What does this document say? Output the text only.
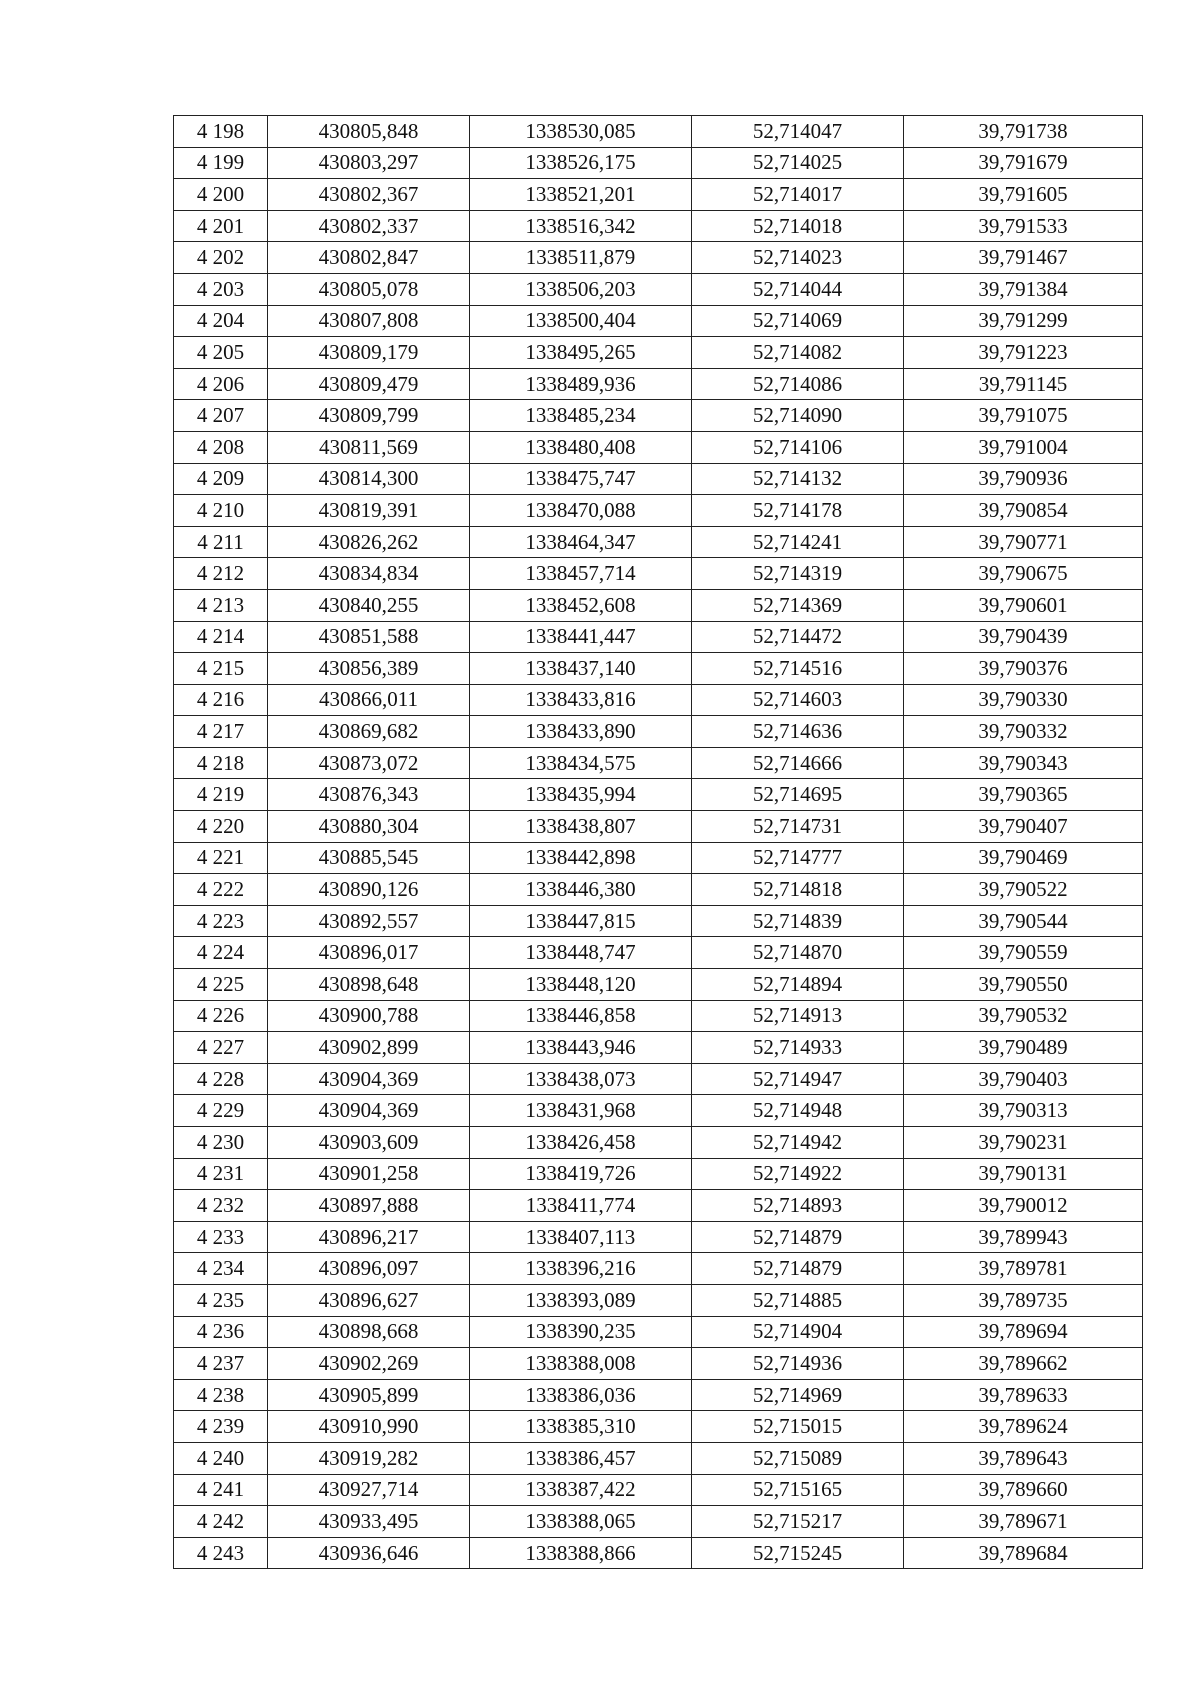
4 198	430805,848	1338530,085	52,714047	39,791738
4 199	430803,297	1338526,175	52,714025	39,791679
4 200	430802,367	1338521,201	52,714017	39,791605
4 201	430802,337	1338516,342	52,714018	39,791533
4 202	430802,847	1338511,879	52,714023	39,791467
4 203	430805,078	1338506,203	52,714044	39,791384
4 204	430807,808	1338500,404	52,714069	39,791299
4 205	430809,179	1338495,265	52,714082	39,791223
4 206	430809,479	1338489,936	52,714086	39,791145
4 207	430809,799	1338485,234	52,714090	39,791075
4 208	430811,569	1338480,408	52,714106	39,791004
4 209	430814,300	1338475,747	52,714132	39,790936
4 210	430819,391	1338470,088	52,714178	39,790854
4 211	430826,262	1338464,347	52,714241	39,790771
4 212	430834,834	1338457,714	52,714319	39,790675
4 213	430840,255	1338452,608	52,714369	39,790601
4 214	430851,588	1338441,447	52,714472	39,790439
4 215	430856,389	1338437,140	52,714516	39,790376
4 216	430866,011	1338433,816	52,714603	39,790330
4 217	430869,682	1338433,890	52,714636	39,790332
4 218	430873,072	1338434,575	52,714666	39,790343
4 219	430876,343	1338435,994	52,714695	39,790365
4 220	430880,304	1338438,807	52,714731	39,790407
4 221	430885,545	1338442,898	52,714777	39,790469
4 222	430890,126	1338446,380	52,714818	39,790522
4 223	430892,557	1338447,815	52,714839	39,790544
4 224	430896,017	1338448,747	52,714870	39,790559
4 225	430898,648	1338448,120	52,714894	39,790550
4 226	430900,788	1338446,858	52,714913	39,790532
4 227	430902,899	1338443,946	52,714933	39,790489
4 228	430904,369	1338438,073	52,714947	39,790403
4 229	430904,369	1338431,968	52,714948	39,790313
4 230	430903,609	1338426,458	52,714942	39,790231
4 231	430901,258	1338419,726	52,714922	39,790131
4 232	430897,888	1338411,774	52,714893	39,790012
4 233	430896,217	1338407,113	52,714879	39,789943
4 234	430896,097	1338396,216	52,714879	39,789781
4 235	430896,627	1338393,089	52,714885	39,789735
4 236	430898,668	1338390,235	52,714904	39,789694
4 237	430902,269	1338388,008	52,714936	39,789662
4 238	430905,899	1338386,036	52,714969	39,789633
4 239	430910,990	1338385,310	52,715015	39,789624
4 240	430919,282	1338386,457	52,715089	39,789643
4 241	430927,714	1338387,422	52,715165	39,789660
4 242	430933,495	1338388,065	52,715217	39,789671
4 243	430936,646	1338388,866	52,715245	39,789684
